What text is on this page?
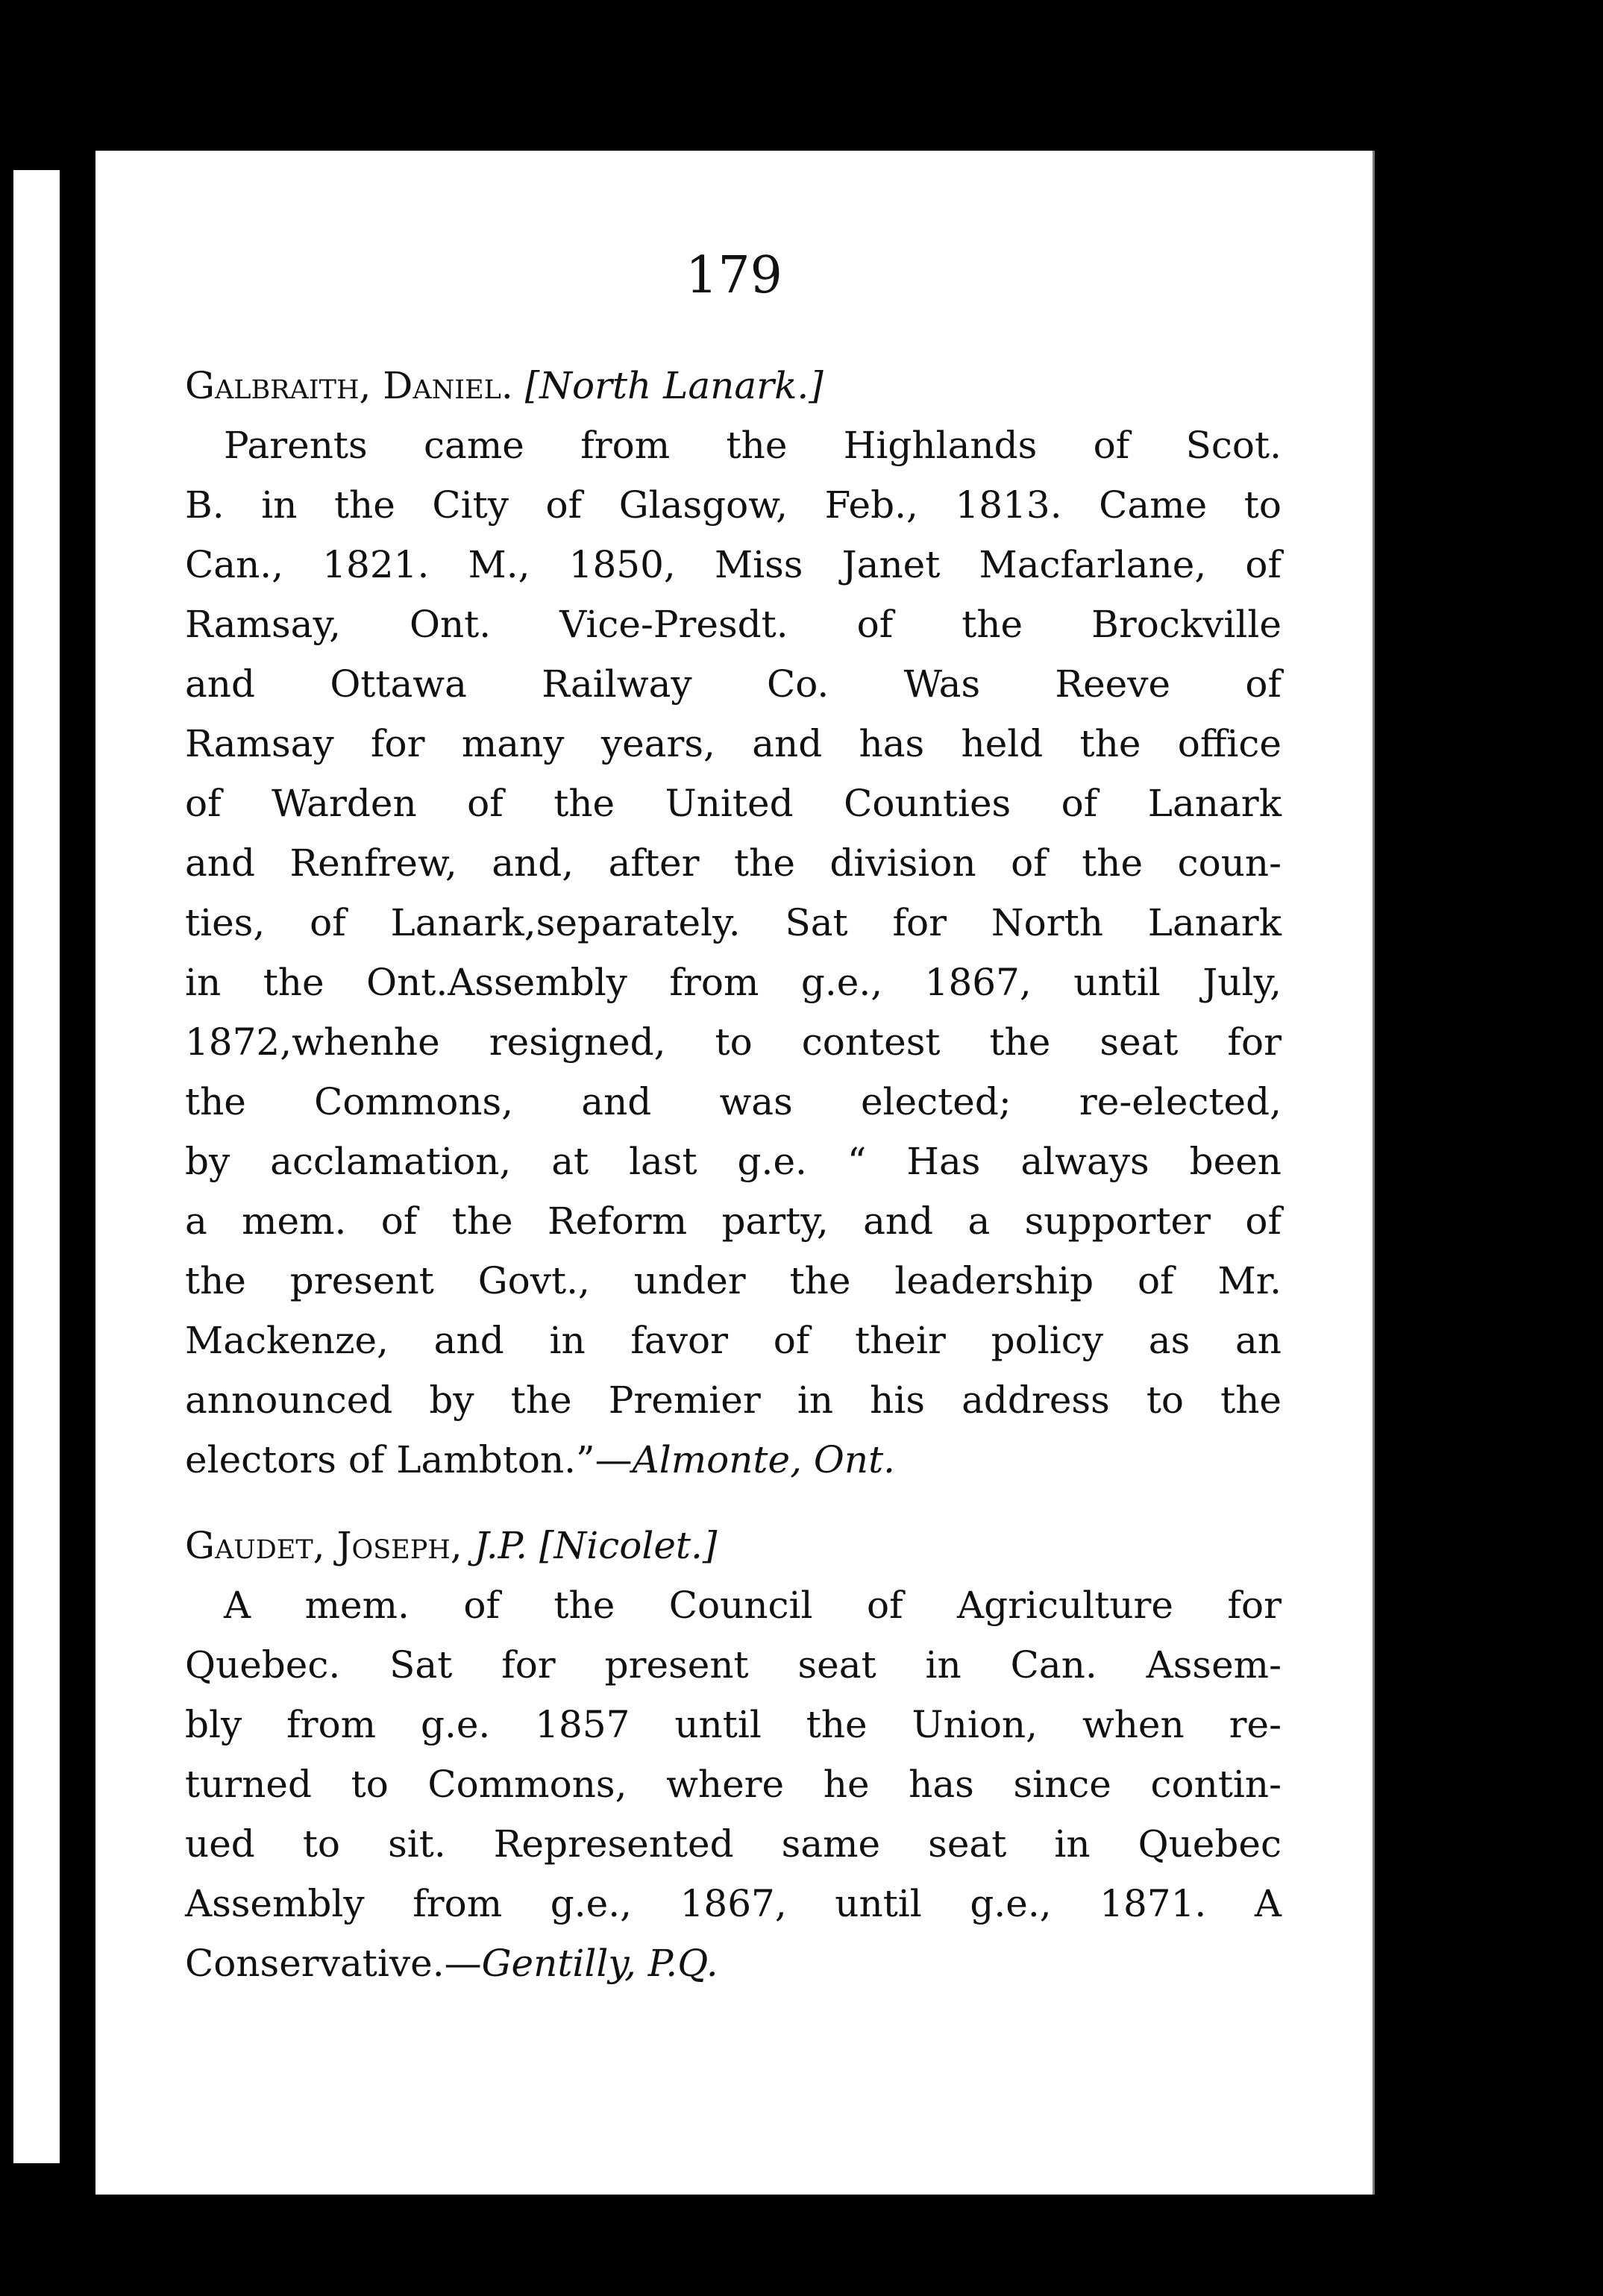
179
Galbraith, Daniel. [North Lanark.]
Parents came from the Highlands of Scot.
B. in the City of Glasgow, Feb., 1813. Came to
Can., 1821. M., 1850, Miss Janet Macfarlane, of
Ramsay, Ont. Vice-Presdt. of the Brockville
and Ottawa Railway Co. Was Reeve of
Ramsay for many years, and has held the office
of Warden of the United Counties of Lanark
and Renfrew, and, after the division of the coun-
ties, of Lanark,separately. Sat for North Lanark
in the Ont.Assembly from g.e., 1867, until July,
1872,whenhe resigned, to contest the seat for
the Commons, and was elected; re-elected,
by acclamation, at last g.e. “ Has always been
a mem. of the Reform party, and a supporter of
the present Govt., under the leadership of Mr.
Mackenze, and in favor of their policy as an
announced by the Premier in his address to the
electors of Lambton.”—Almonte, Ont.
Gaudet, Joseph, J.P. [Nicolet.]
A mem. of the Council of Agriculture for
Quebec. Sat for present seat in Can. Assem-
bly from g.e. 1857 until the Union, when re-
turned to Commons, where he has since contin-
ued to sit. Represented same seat in Quebec
Assembly from g.e., 1867, until g.e., 1871. A
Conservative.—Gentilly, P.Q.
